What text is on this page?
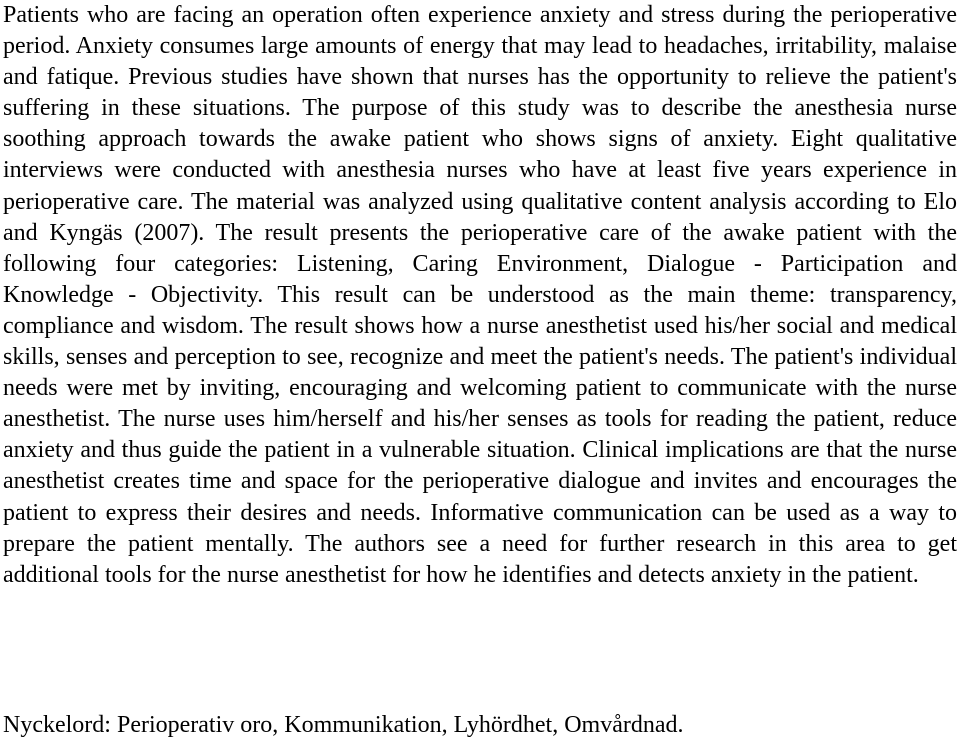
Patients who are facing an operation often experience anxiety and stress during the perioperative period. Anxiety consumes large amounts of energy that may lead to headaches, irritability, malaise and fatique. Previous studies have shown that nurses has the opportunity to relieve the patient's suffering in these situations. The purpose of this study was to describe the anesthesia nurse soothing approach towards the awake patient who shows signs of anxiety. Eight qualitative interviews were conducted with anesthesia nurses who have at least five years experience in perioperative care. The material was analyzed using qualitative content analysis according to Elo and Kyngäs (2007). The result presents the perioperative care of the awake patient with the following four categories: Listening, Caring Environment, Dialogue - Participation and Knowledge - Objectivity. This result can be understood as the main theme: transparency, compliance and wisdom. The result shows how a nurse anesthetist used his/her social and medical skills, senses and perception to see, recognize and meet the patient's needs. The patient's individual needs were met by inviting, encouraging and welcoming patient to communicate with the nurse anesthetist. The nurse uses him/herself and his/her senses as tools for reading the patient, reduce anxiety and thus guide the patient in a vulnerable situation. Clinical implications are that the nurse anesthetist creates time and space for the perioperative dialogue and invites and encourages the patient to express their desires and needs. Informative communication can be used as a way to prepare the patient mentally. The authors see a need for further research in this area to get additional tools for the nurse anesthetist for how he identifies and detects anxiety in the patient.

Nyckelord: Perioperativ oro, Kommunikation, Lyhördhet, Omvårdnad.
